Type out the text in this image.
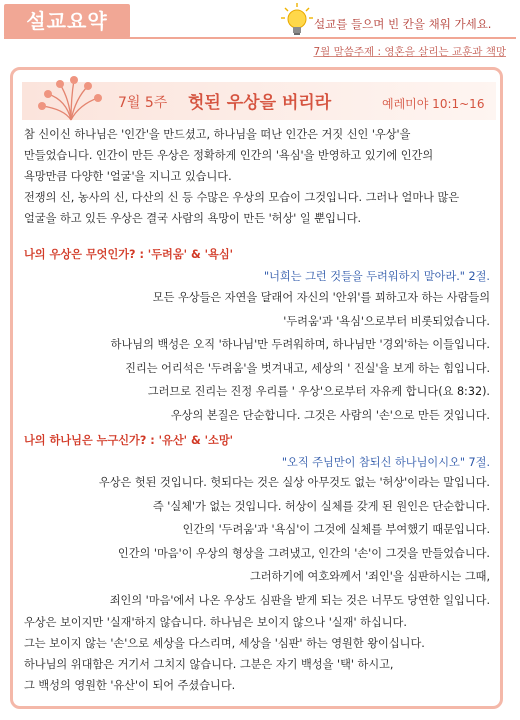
설교요약	설교를 들으며 빈 칸을 채워 가세요.
7월 말씀주제 : 영혼을 살리는 교훈과 책망
7월 5주 헛된 우상을 버리라	예레미야 10:1~16
참 신이신 하나님은 '인간'을 만드셨고, 하나님을 떠난 인간은 거짓 신인 '우상'을
만들었습니다. 인간이 만든 우상은 정확하게 인간의 '욕심'을 반영하고 있기에 인간의
욕망만큼 다양한 '얼굴'을 지니고 있습니다.
전쟁의 신, 농사의 신, 다산의 신 등 수많은 우상의 모습이 그것입니다. 그러나 얼마나 많은
얼굴을 하고 있든 우상은 결국 사람의 욕망이 만든 '허상' 일 뿐입니다.
나의 우상은 무엇인가? : '두려움' & '욕심'
"너희는 그런 것들을 두려워하지 말아라." 2절.
모든 우상들은 자연을 달래어 자신의 '안위'를 꾀하고자 하는 사람들의
'두려움'과 '욕심'으로부터 비롯되었습니다.
하나님의 백성은 오직 '하나님'만 두려워하며, 하나님만 '경외'하는 이들입니다.
진리는 어리석은 '두려움'을 벗겨내고, 세상의 ' 진실'을 보게 하는 힘입니다.
그러므로 진리는 진정 우리를 ' 우상'으로부터 자유케 합니다(요 8:32).
우상의 본질은 단순합니다. 그것은 사람의 '손'으로 만든 것입니다.
나의 하나님은 누구신가? : '유산' & '소망'
"오직 주님만이 참되신 하나님이시오" 7절.
우상은 헛된 것입니다. 헛되다는 것은 실상 아무것도 없는 '허상'이라는 말입니다.
즉 '실체'가 없는 것입니다. 허상이 실체를 갖게 된 원인은 단순합니다.
인간의 '두려움'과 '욕심'이 그것에 실체를 부여했기 때문입니다.
인간의 '마음'이 우상의 형상을 그려냈고, 인간의 '손'이 그것을 만들었습니다.
그러하기에 여호와께서 '죄인'을 심판하시는 그때,
죄인의 '마음'에서 나온 우상도 심판을 받게 되는 것은 너무도 당연한 일입니다.
우상은 보이지만 '실재'하지 않습니다. 하나님은 보이지 않으나 '실재' 하십니다.
그는 보이지 않는 '손'으로 세상을 다스리며, 세상을 '심판' 하는 영원한 왕이십니다.
하나님의 위대함은 거기서 그치지 않습니다. 그분은 자기 백성을 '택' 하시고,
그 백성의 영원한 '유산'이 되어 주셨습니다.
